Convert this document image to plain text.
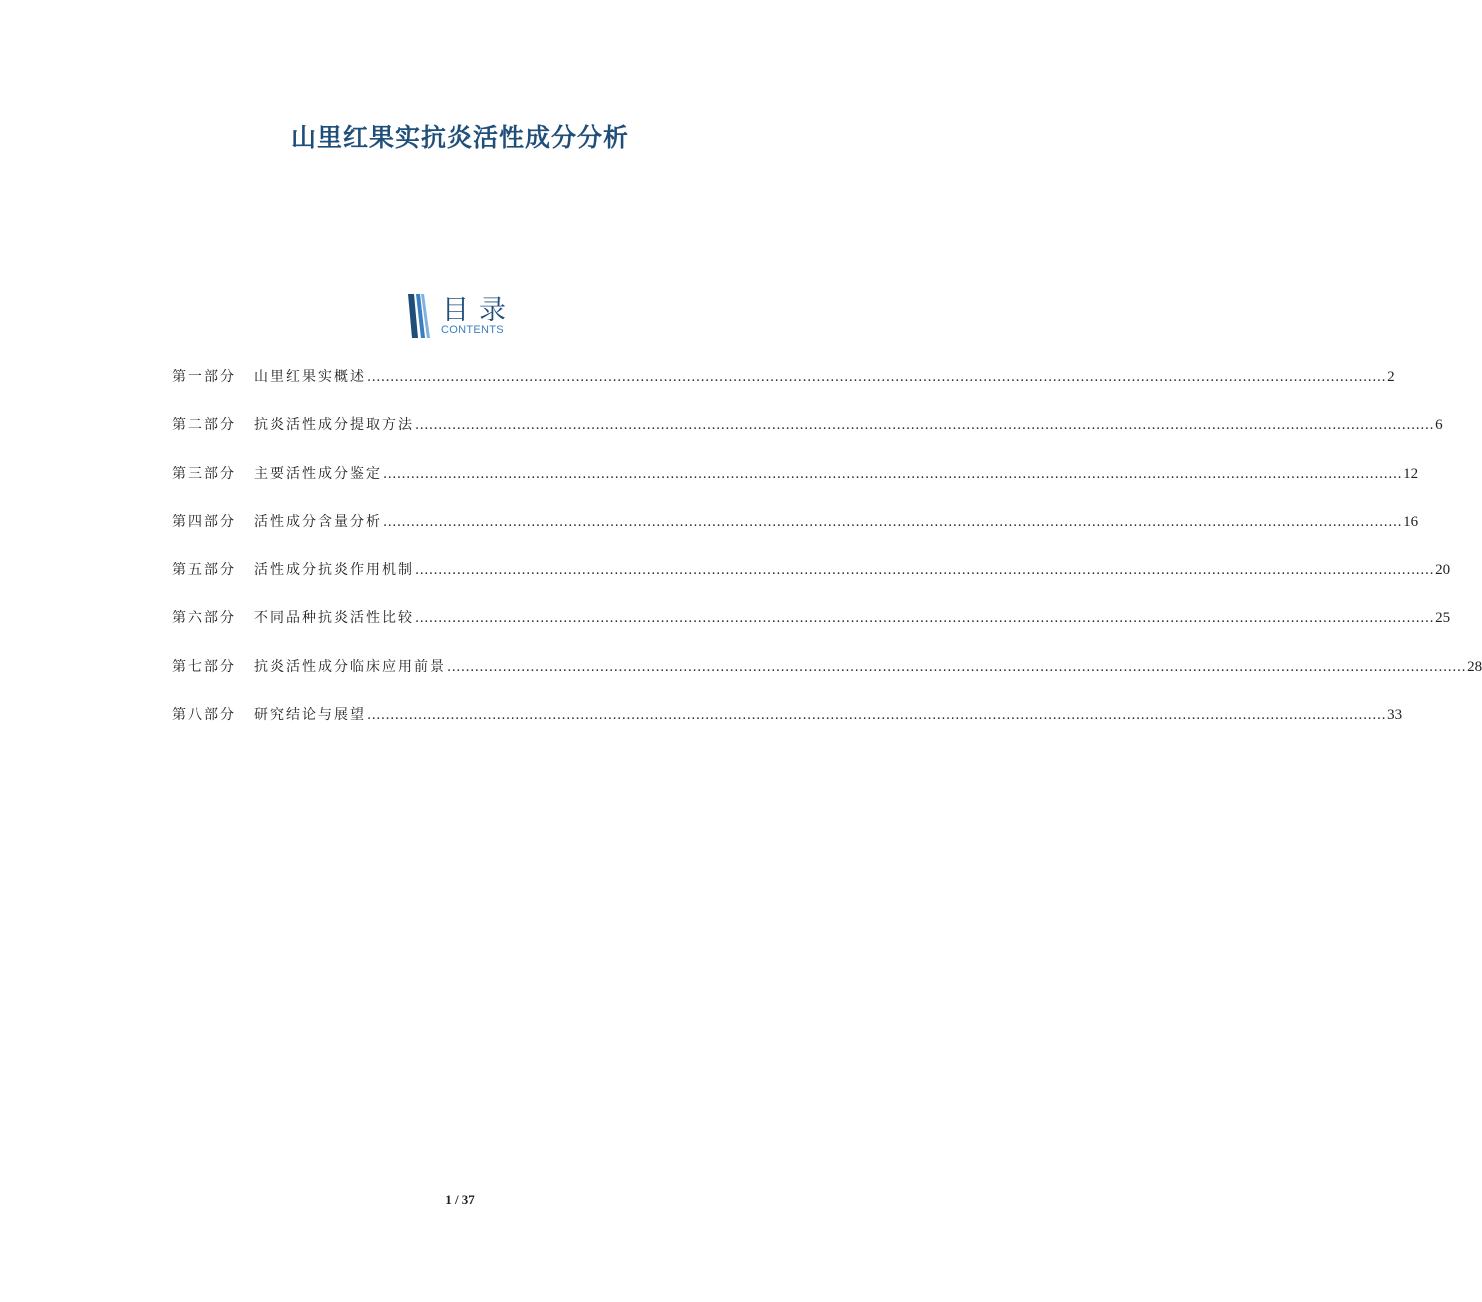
山里红果实抗炎活性成分分析
目录
CONTENTS
第一部分	山里红果实概述 ............................................................................................................................................................................................................................ 2
第二部分	抗炎活性成分提取方法 ............................................................................................................................................................................................................................ 6
第三部分	主要活性成分鉴定 ............................................................................................................................................................................................................................ 12
第四部分	活性成分含量分析 ............................................................................................................................................................................................................................ 16
第五部分	活性成分抗炎作用机制 ............................................................................................................................................................................................................................ 20
第六部分	不同品种抗炎活性比较 ............................................................................................................................................................................................................................ 25
第七部分	抗炎活性成分临床应用前景 ............................................................................................................................................................................................................................ 28
第八部分	研究结论与展望 ............................................................................................................................................................................................................................ 33
1 / 37
